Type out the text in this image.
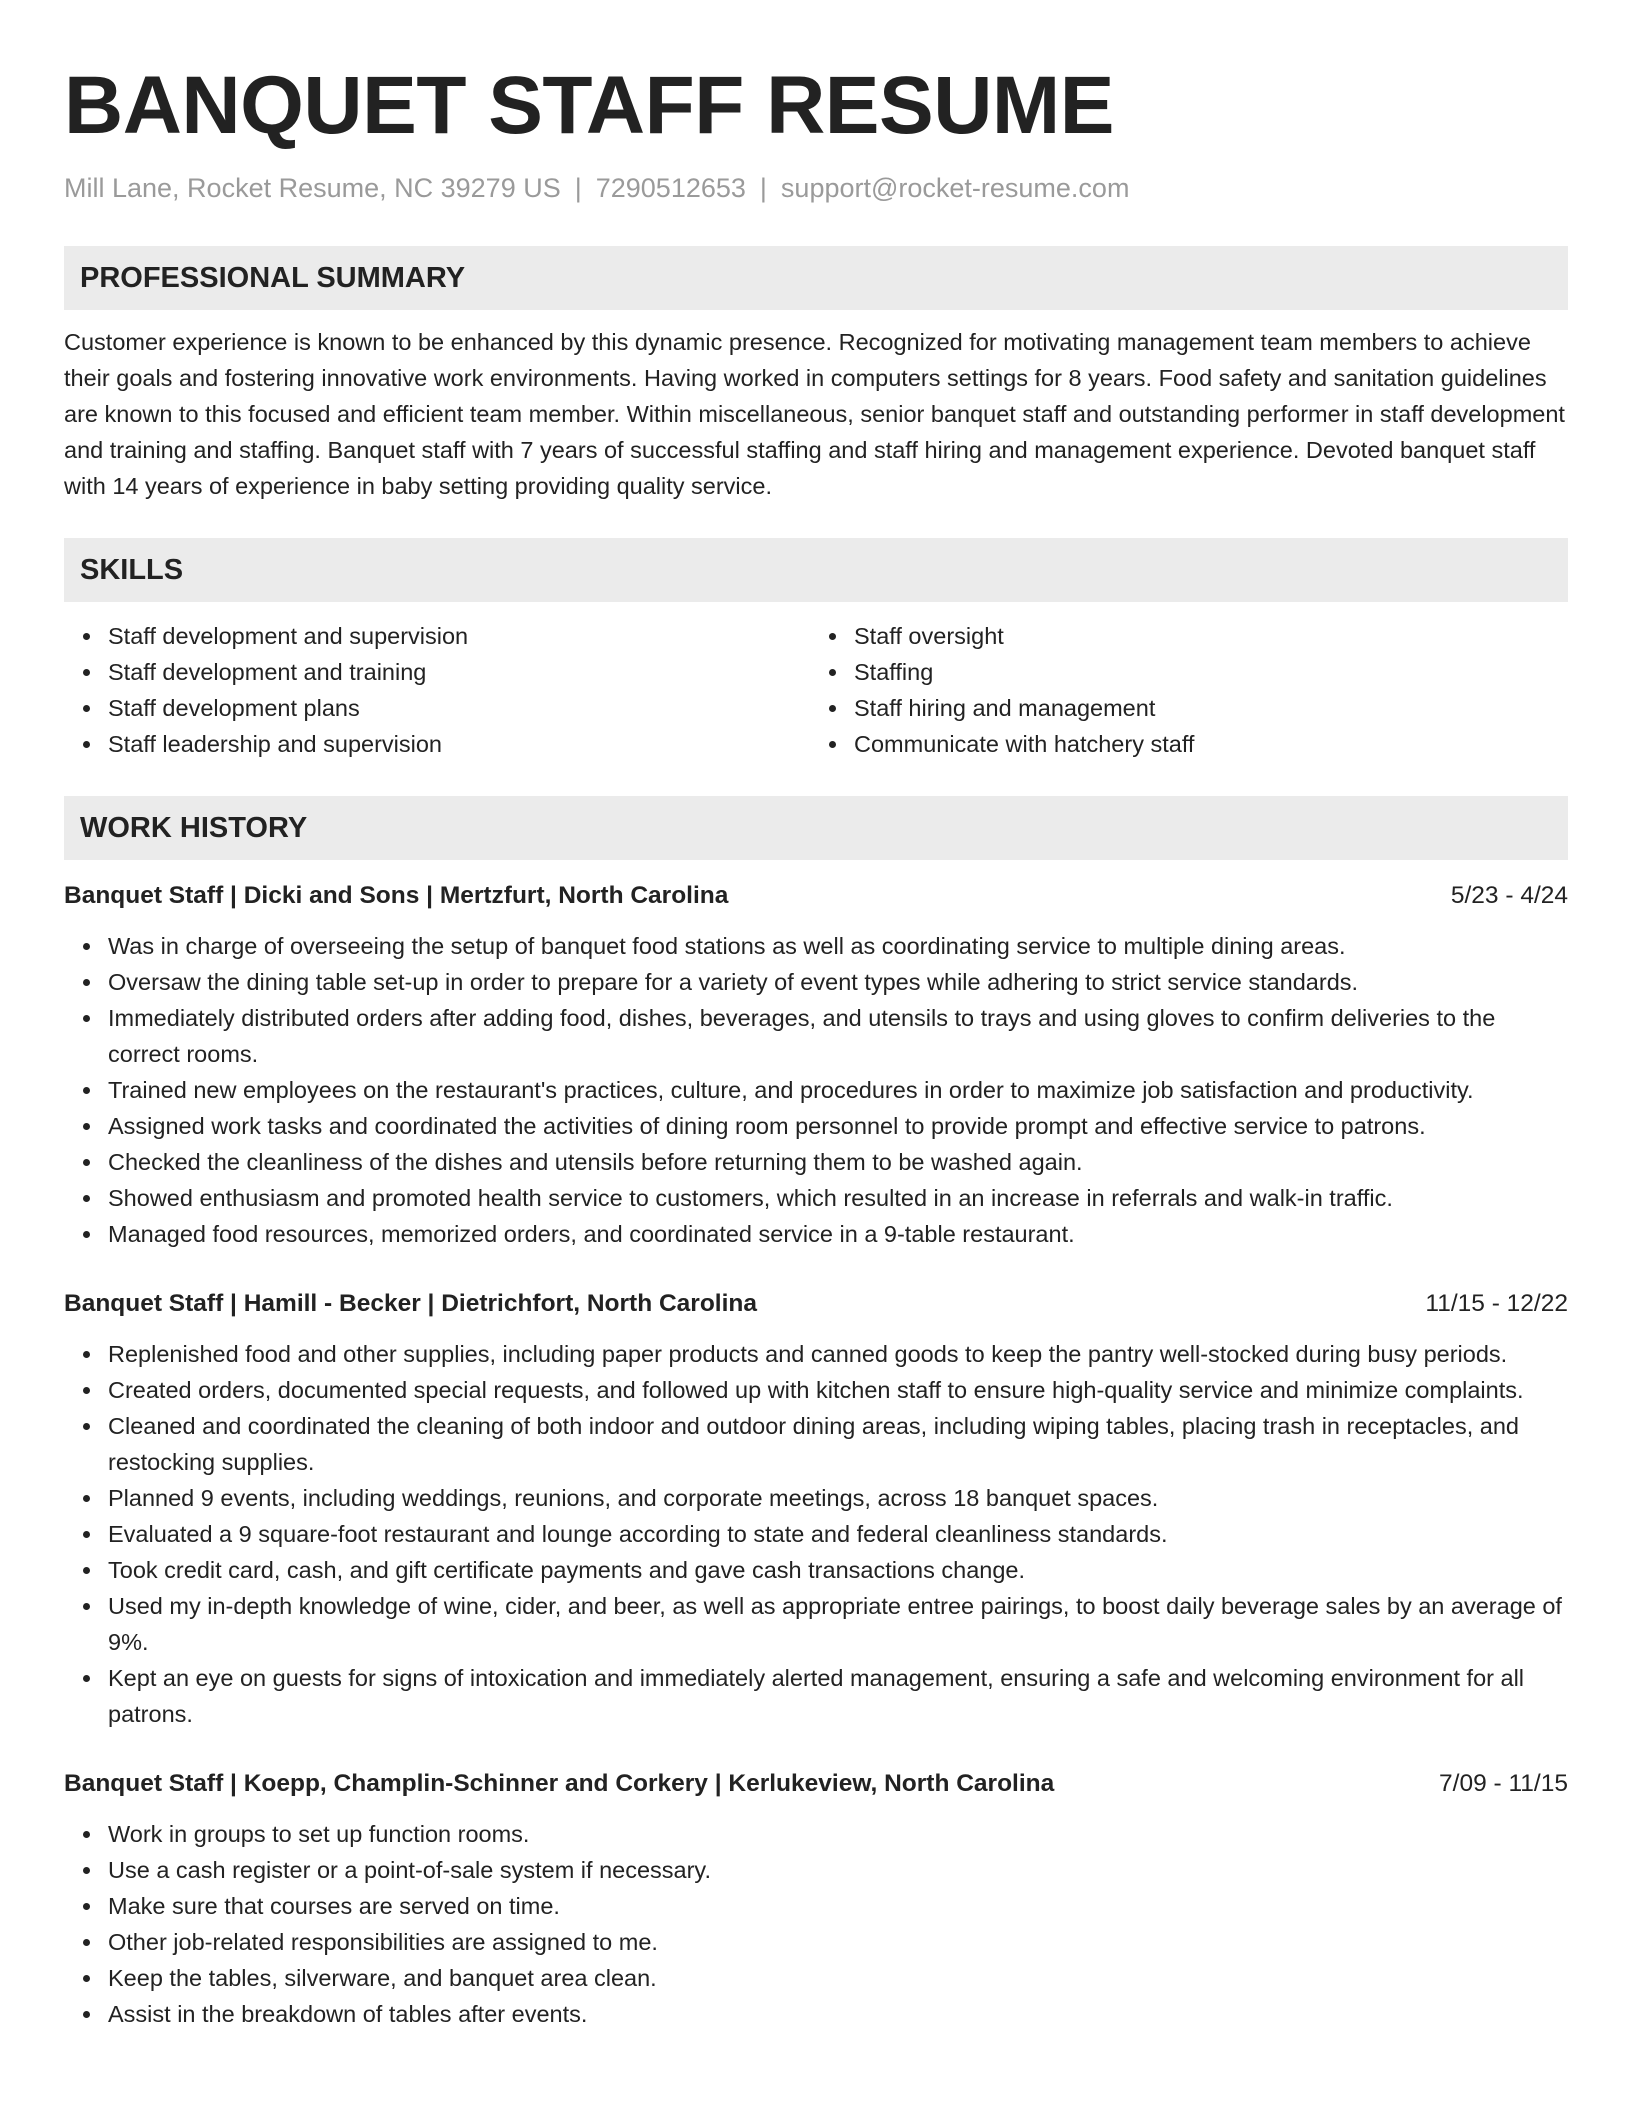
BANQUET STAFF RESUME
Mill Lane, Rocket Resume, NC 39279 US | 7290512653 | support@rocket-resume.com
PROFESSIONAL SUMMARY

Customer experience is known to be enhanced by this dynamic presence. Recognized for motivating management team members to achieve their goals and fostering innovative work environments. Having worked in computers settings for 8 years. Food safety and sanitation guidelines are known to this focused and efficient team member. Within miscellaneous, senior banquet staff and outstanding performer in staff development and training and staffing. Banquet staff with 7 years of successful staffing and staff hiring and management experience. Devoted banquet staff with 14 years of experience in baby setting providing quality service.

SKILLS
Staff development and supervision
Staff development and training
Staff development plans
Staff leadership and supervision
Staff oversight
Staffing
Staff hiring and management
Communicate with hatchery staff
WORK HISTORY
Banquet Staff | Dicki and Sons | Mertzfurt, North Carolina	5/23 - 4/24
Was in charge of overseeing the setup of banquet food stations as well as coordinating service to multiple dining areas.
Oversaw the dining table set-up in order to prepare for a variety of event types while adhering to strict service standards.
Immediately distributed orders after adding food, dishes, beverages, and utensils to trays and using gloves to confirm deliveries to the correct rooms.
Trained new employees on the restaurant's practices, culture, and procedures in order to maximize job satisfaction and productivity.
Assigned work tasks and coordinated the activities of dining room personnel to provide prompt and effective service to patrons.
Checked the cleanliness of the dishes and utensils before returning them to be washed again.
Showed enthusiasm and promoted health service to customers, which resulted in an increase in referrals and walk-in traffic.
Managed food resources, memorized orders, and coordinated service in a 9-table restaurant.
Banquet Staff | Hamill - Becker | Dietrichfort, North Carolina	11/15 - 12/22
Replenished food and other supplies, including paper products and canned goods to keep the pantry well-stocked during busy periods.
Created orders, documented special requests, and followed up with kitchen staff to ensure high-quality service and minimize complaints.
Cleaned and coordinated the cleaning of both indoor and outdoor dining areas, including wiping tables, placing trash in receptacles, and restocking supplies.
Planned 9 events, including weddings, reunions, and corporate meetings, across 18 banquet spaces.
Evaluated a 9 square-foot restaurant and lounge according to state and federal cleanliness standards.
Took credit card, cash, and gift certificate payments and gave cash transactions change.
Used my in-depth knowledge of wine, cider, and beer, as well as appropriate entree pairings, to boost daily beverage sales by an average of 9%.
Kept an eye on guests for signs of intoxication and immediately alerted management, ensuring a safe and welcoming environment for all patrons.
Banquet Staff | Koepp, Champlin-Schinner and Corkery | Kerlukeview, North Carolina	7/09 - 11/15
Work in groups to set up function rooms.
Use a cash register or a point-of-sale system if necessary.
Make sure that courses are served on time.
Other job-related responsibilities are assigned to me.
Keep the tables, silverware, and banquet area clean.
Assist in the breakdown of tables after events.
